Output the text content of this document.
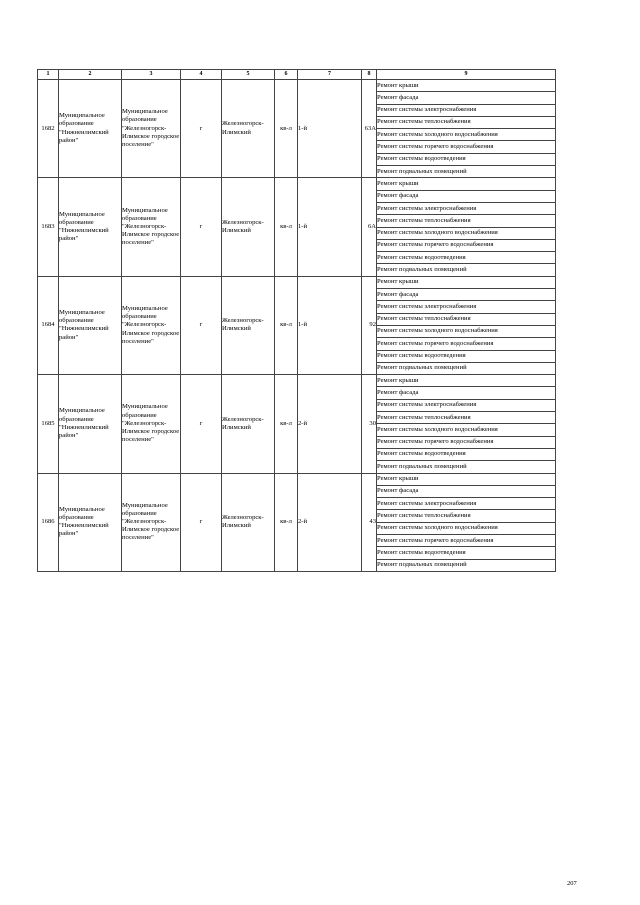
1	2	3	4	5	6	7	8	9
1682	Муниципальное образование "Нижнеилимский район"	Муниципальное образование "Железногорск-Илимское городское поселение"	г	Железногорск-Илимский	кв-л	1-й	63А	Ремонт крыши
								Ремонт фасада
								Ремонт системы электроснабжения
								Ремонт системы теплоснабжения
								Ремонт системы холодного водоснабжения
								Ремонт системы горячего водоснабжения
								Ремонт системы водоотведения
								Ремонт подвальных помещений
1683	Муниципальное образование "Нижнеилимский район"	Муниципальное образование "Железногорск-Илимское городское поселение"	г	Железногорск-Илимский	кв-л	1-й	6А	Ремонт крыши
								Ремонт фасада
								Ремонт системы электроснабжения
								Ремонт системы теплоснабжения
								Ремонт системы холодного водоснабжения
								Ремонт системы горячего водоснабжения
								Ремонт системы водоотведения
								Ремонт подвальных помещений
1684	Муниципальное образование "Нижнеилимский район"	Муниципальное образование "Железногорск-Илимское городское поселение"	г	Железногорск-Илимский	кв-л	1-й	92	Ремонт крыши
								Ремонт фасада
								Ремонт системы электроснабжения
								Ремонт системы теплоснабжения
								Ремонт системы холодного водоснабжения
								Ремонт системы горячего водоснабжения
								Ремонт системы водоотведения
								Ремонт подвальных помещений
1685	Муниципальное образование "Нижнеилимский район"	Муниципальное образование "Железногорск-Илимское городское поселение"	г	Железногорск-Илимский	кв-л	2-й	30	Ремонт крыши
								Ремонт фасада
								Ремонт системы электроснабжения
								Ремонт системы теплоснабжения
								Ремонт системы холодного водоснабжения
								Ремонт системы горячего водоснабжения
								Ремонт системы водоотведения
								Ремонт подвальных помещений
1686	Муниципальное образование "Нижнеилимский район"	Муниципальное образование "Железногорск-Илимское городское поселение"	г	Железногорск-Илимский	кв-л	2-й	43	Ремонт крыши
								Ремонт фасада
								Ремонт системы электроснабжения
								Ремонт системы теплоснабжения
								Ремонт системы холодного водоснабжения
								Ремонт системы горячего водоснабжения
								Ремонт системы водоотведения
								Ремонт подвальных помещений
207
